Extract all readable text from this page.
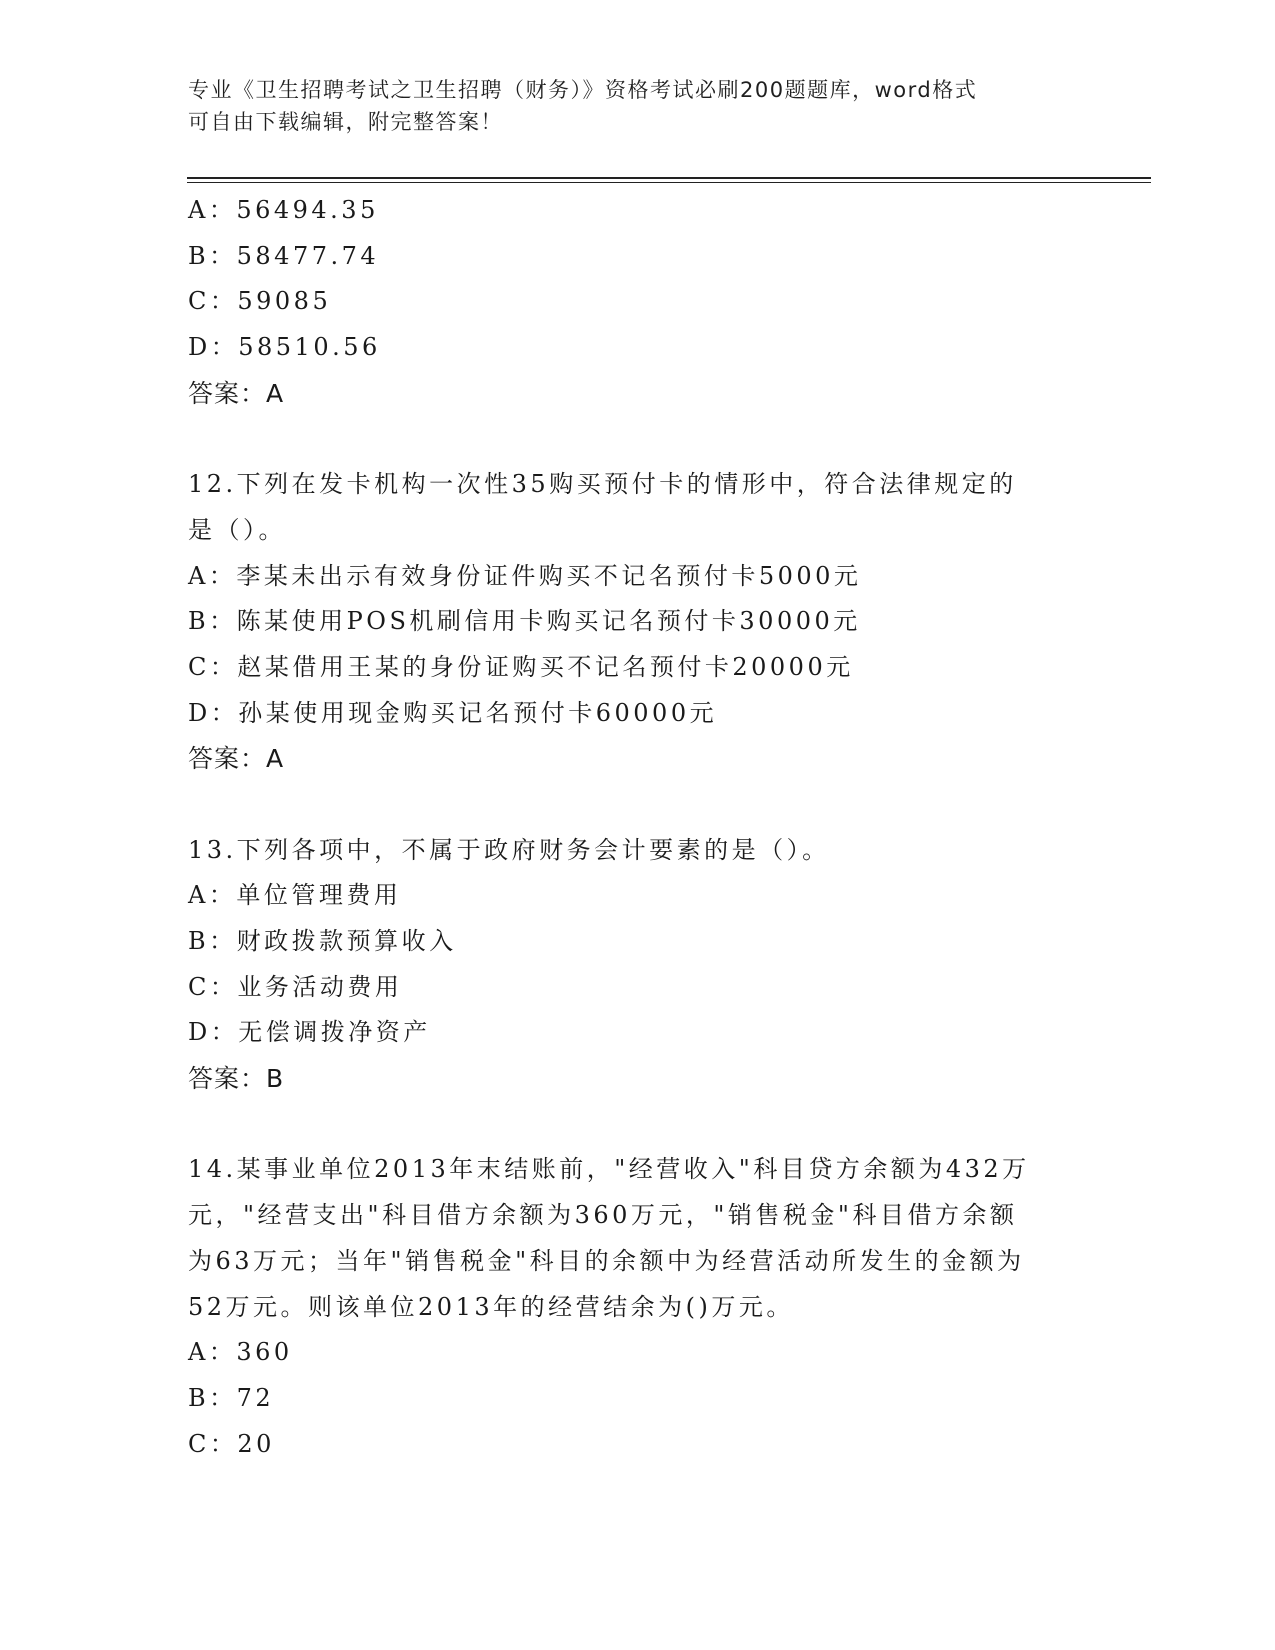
专业《卫生招聘考试之卫生招聘（财务）》资格考试必刷200题题库，word格式
可自由下载编辑，附完整答案！
A：56494.35
B：58477.74
C：59085
D：58510.56
答案：A
12.下列在发卡机构一次性35购买预付卡的情形中，符合法律规定的
是（）。
A：李某未出示有效身份证件购买不记名预付卡5000元
B：陈某使用POS机刷信用卡购买记名预付卡30000元
C：赵某借用王某的身份证购买不记名预付卡20000元
D：孙某使用现金购买记名预付卡60000元
答案：A
13.下列各项中，不属于政府财务会计要素的是（）。
A：单位管理费用
B：财政拨款预算收入
C：业务活动费用
D：无偿调拨净资产
答案：B
14.某事业单位2013年末结账前，"经营收入"科目贷方余额为432万
元，"经营支出"科目借方余额为360万元，"销售税金"科目借方余额
为63万元；当年"销售税金"科目的余额中为经营活动所发生的金额为
52万元。则该单位2013年的经营结余为()万元。
A：360
B：72
C：20
